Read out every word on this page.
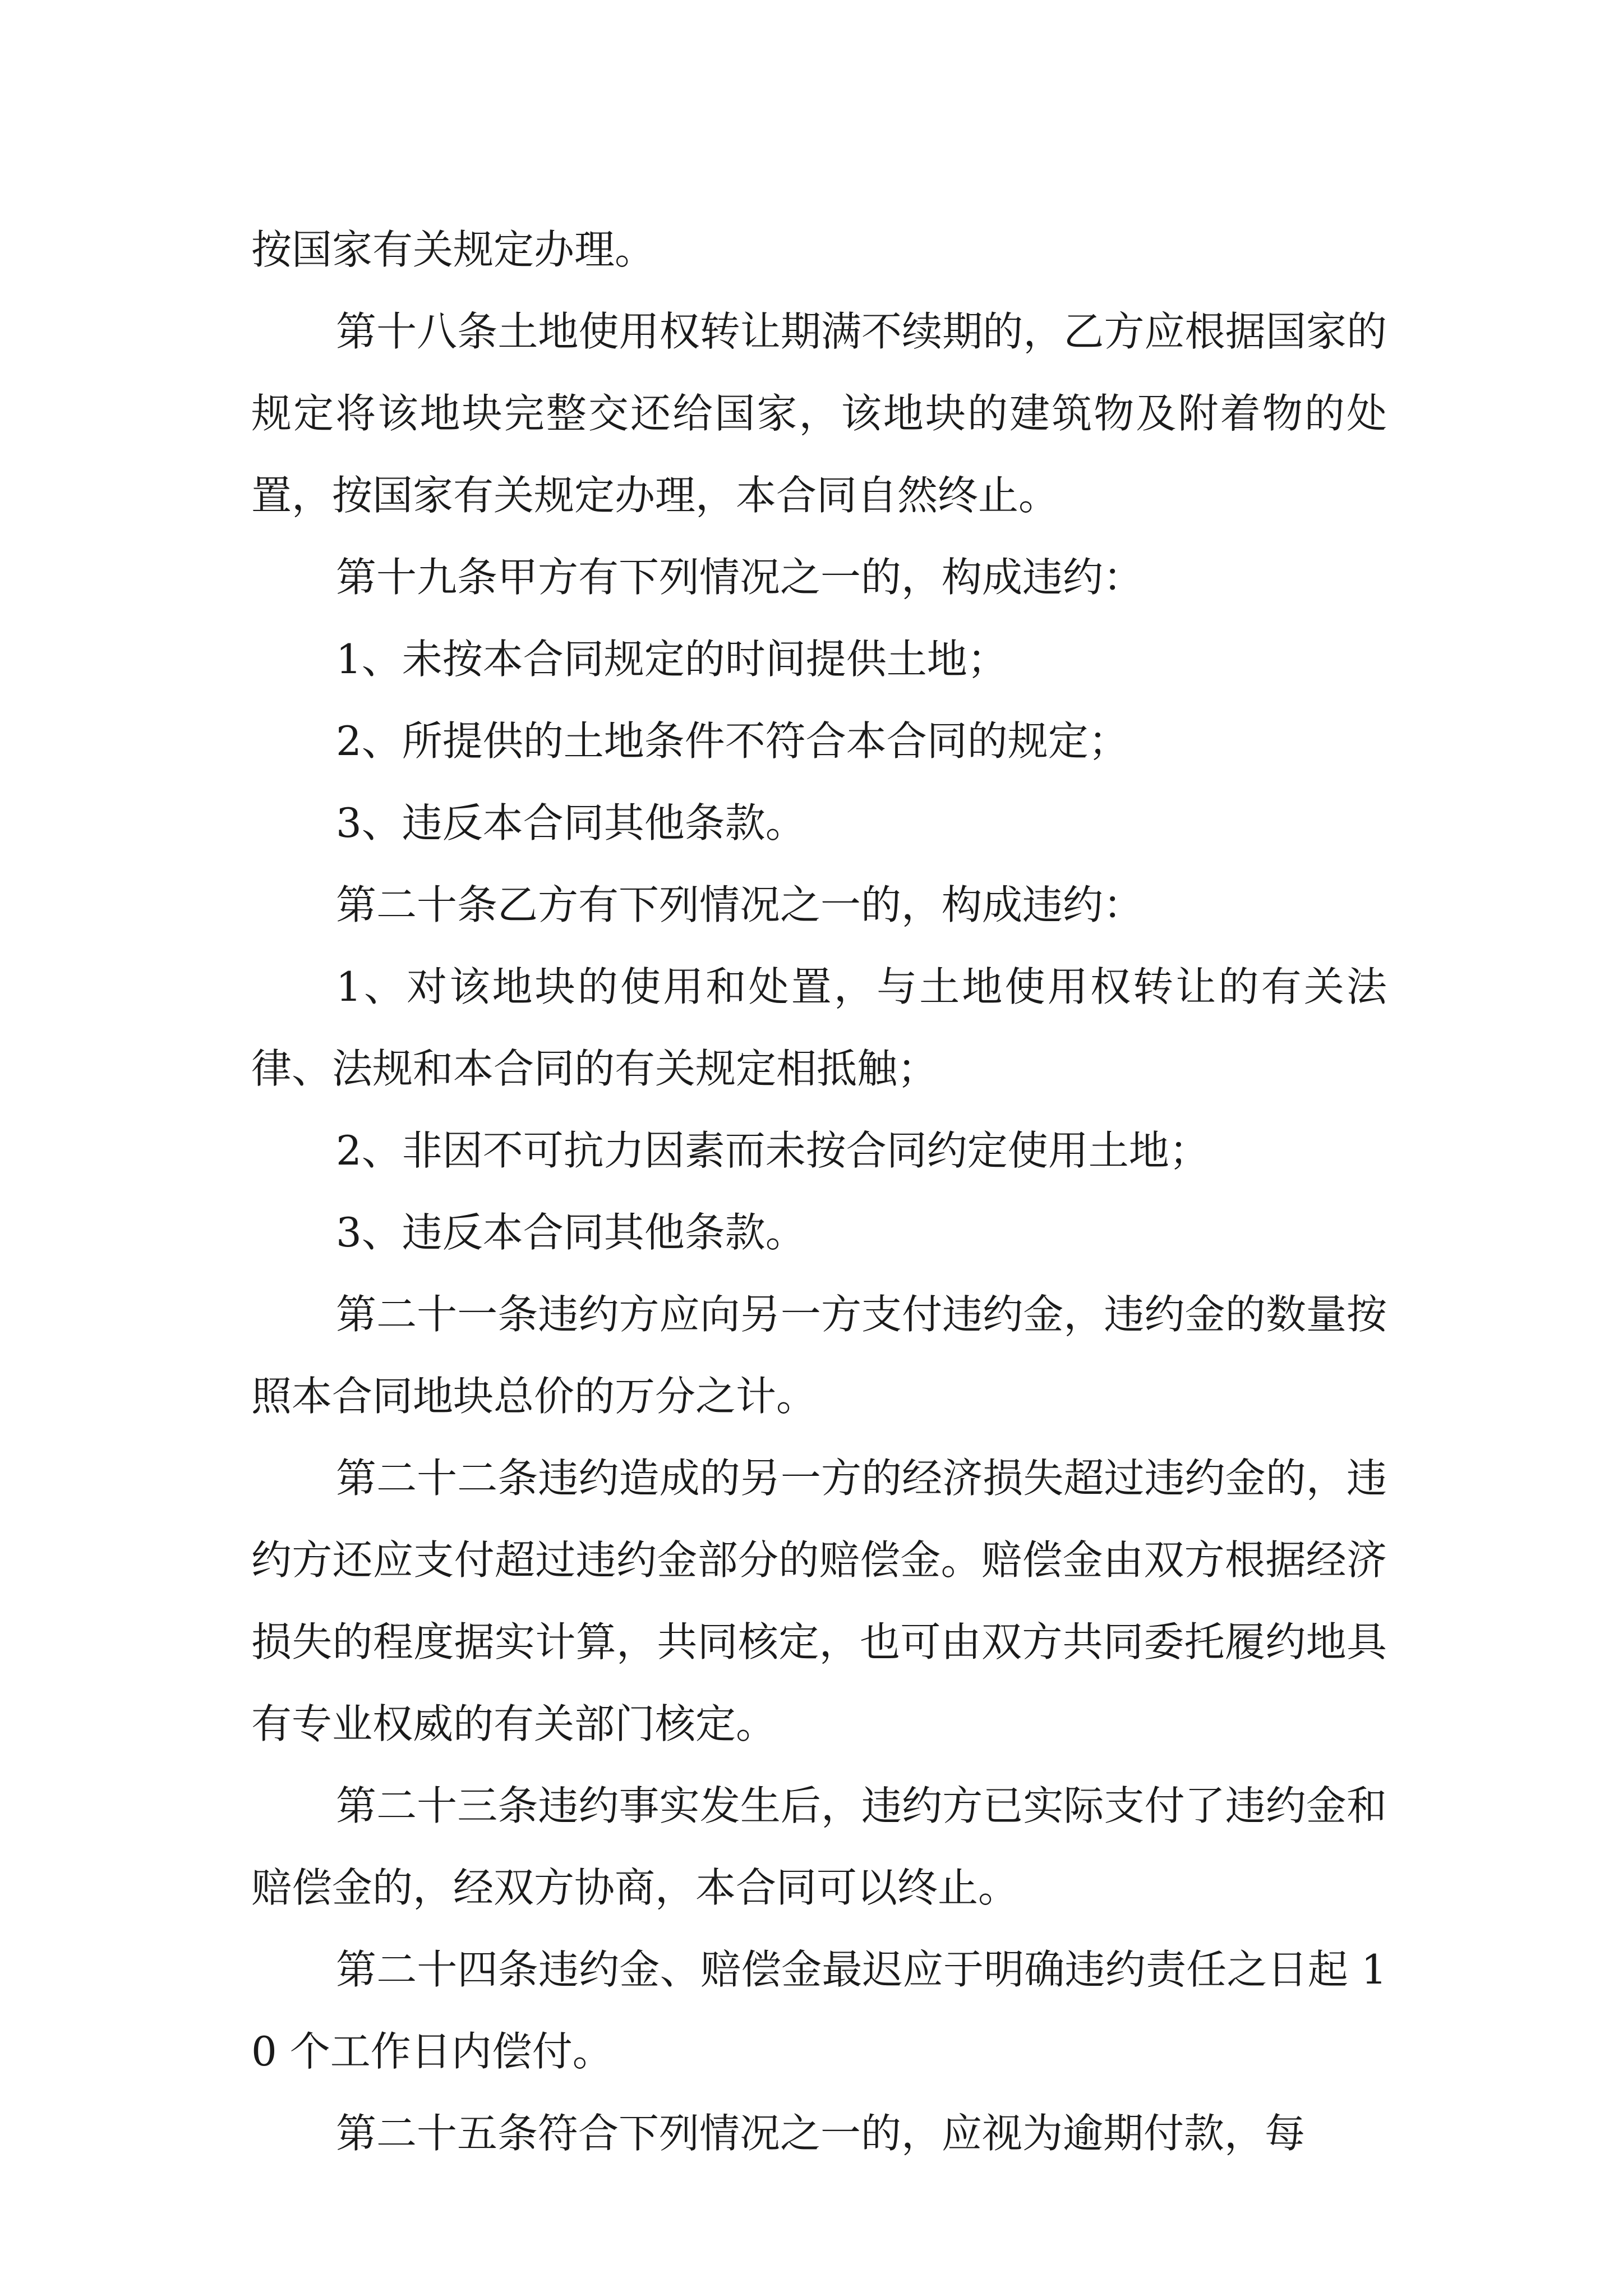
按国家有关规定办理。

第十八条土地使用权转让期满不续期的，乙方应根据国家的规定将该地块完整交还给国家，该地块的建筑物及附着物的处置，按国家有关规定办理，本合同自然终止。

第十九条甲方有下列情况之一的，构成违约：

1、未按本合同规定的时间提供土地；

2、所提供的土地条件不符合本合同的规定；

3、违反本合同其他条款。

第二十条乙方有下列情况之一的，构成违约：

1、对该地块的使用和处置，与土地使用权转让的有关法律、法规和本合同的有关规定相抵触；

2、非因不可抗力因素而未按合同约定使用土地；

3、违反本合同其他条款。

第二十一条违约方应向另一方支付违约金，违约金的数量按照本合同地块总价的万分之计。

第二十二条违约造成的另一方的经济损失超过违约金的，违约方还应支付超过违约金部分的赔偿金。赔偿金由双方根据经济损失的程度据实计算，共同核定，也可由双方共同委托履约地具有专业权威的有关部门核定。

第二十三条违约事实发生后，违约方已实际支付了违约金和赔偿金的，经双方协商，本合同可以终止。

第二十四条违约金、赔偿金最迟应于明确违约责任之日起 10 个工作日内偿付。

第二十五条符合下列情况之一的，应视为逾期付款，每
